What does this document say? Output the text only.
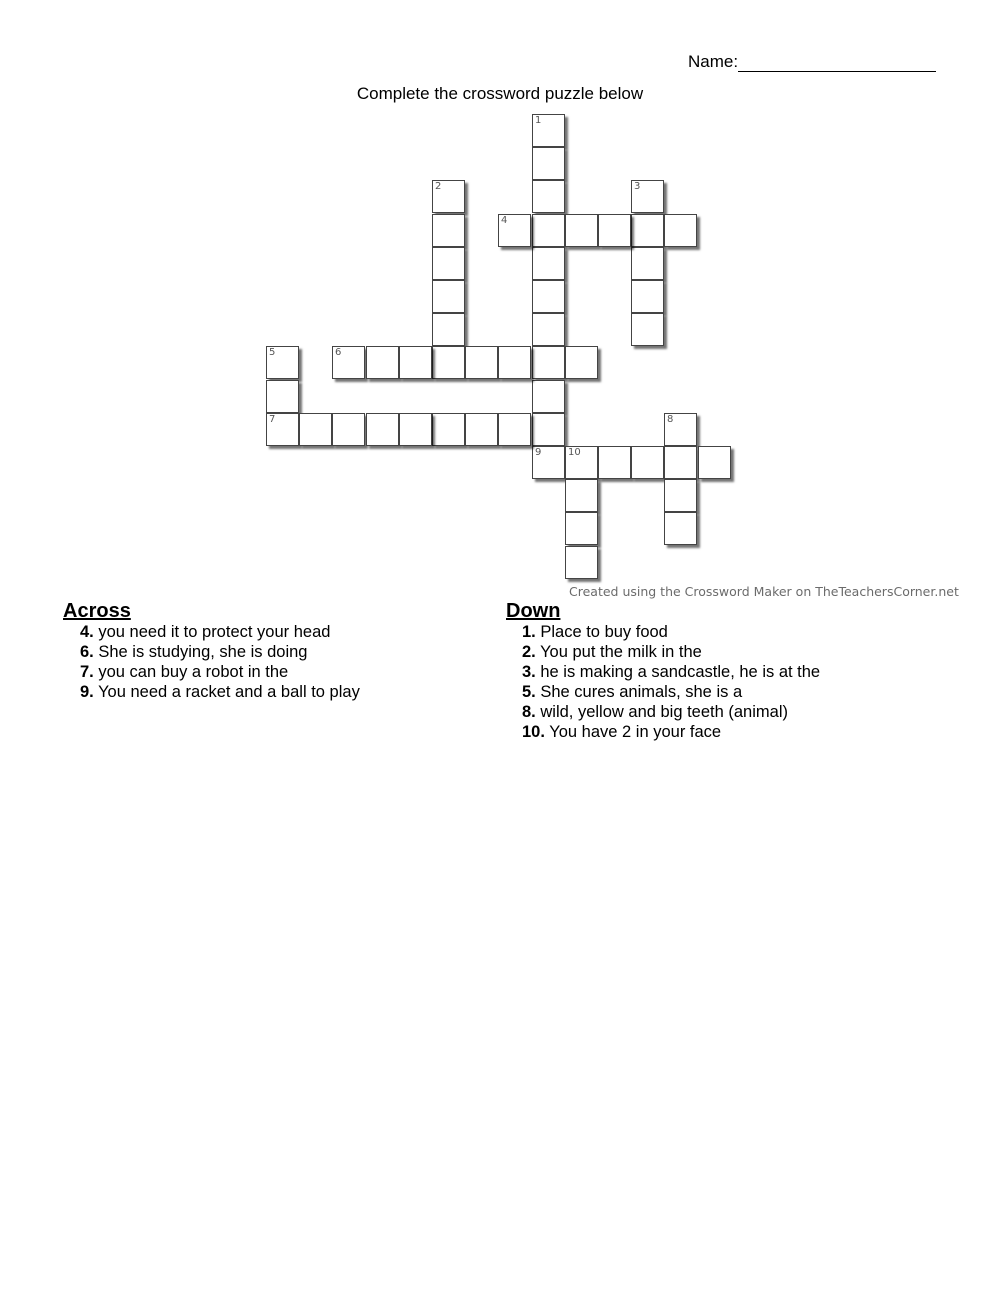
Name:
Complete the crossword puzzle below
1
9
2	3
4
5
7
6
8
10
Created using the Crossword Maker on TheTeachersCorner.net
Across
4. you need it to protect your head
6. She is studying, she is doing
7. you can buy a robot in the
9. You need a racket and a ball to play
Down
1. Place to buy food
2. You put the milk in the
3. he is making a sandcastle, he is at the
5. She cures animals, she is a
8. wild, yellow and big teeth (animal)
10. You have 2 in your face
